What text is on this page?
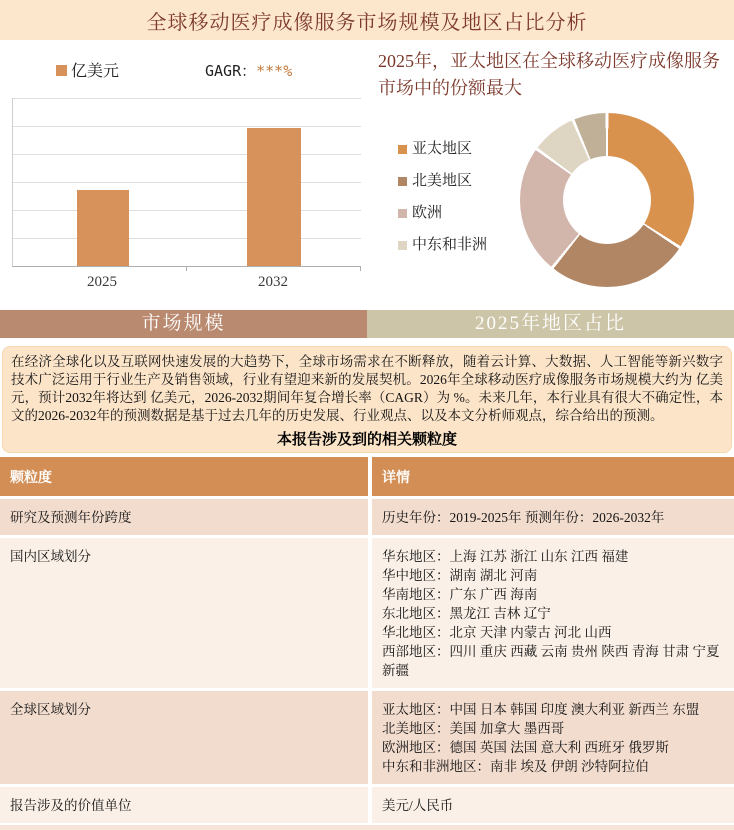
全球移动医疗成像服务市场规模及地区占比分析
亿美元	GAGR：***%
2025	2032
2025年，亚太地区在全球移动医疗成像服务市场中的份额最大
亚太地区
北美地区
欧洲
中东和非洲
市场规模	2025年地区占比

在经济全球化以及互联网快速发展的大趋势下，全球市场需求在不断释放，随着云计算、大数据、人工智能等新兴数字技术广泛运用于行业生产及销售领域，行业有望迎来新的发展契机。2026年全球移动医疗成像服务市场规模大约为 亿美元，预计2032年将达到 亿美元，2026-2032期间年复合增长率（CAGR）为 %。未来几年，本行业具有很大不确定性，本文的2026-2032年的预测数据是基于过去几年的历史发展、行业观点、以及本文分析师观点，综合给出的预测。

本报告涉及到的相关颗粒度
颗粒度	详情
研究及预测年份跨度	历史年份：2019-2025年 预测年份：2026-2032年
国内区域划分	华东地区：上海 江苏 浙江 山东 江西 福建
华中地区：湖南 湖北 河南
华南地区：广东 广西 海南
东北地区：黑龙江 吉林 辽宁
华北地区：北京 天津 内蒙古 河北 山西
西部地区：四川 重庆 西藏 云南 贵州 陕西 青海 甘肃 宁夏 新疆
全球区域划分	亚太地区：中国 日本 韩国 印度 澳大利亚 新西兰 东盟
北美地区：美国 加拿大 墨西哥
欧洲地区：德国 英国 法国 意大利 西班牙 俄罗斯
中东和非洲地区：南非 埃及 伊朗 沙特阿拉伯
报告涉及的价值单位	美元/人民币
